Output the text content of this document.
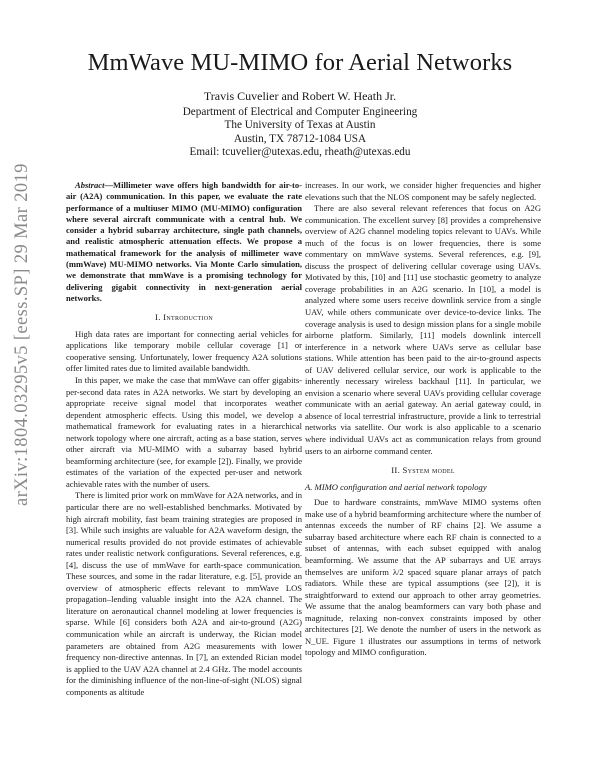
arXiv:1804.03295v5 [eess.SP] 29 Mar 2019
MmWave MU-MIMO for Aerial Networks
Travis Cuvelier and Robert W. Heath Jr.
Department of Electrical and Computer Engineering
The University of Texas at Austin
Austin, TX 78712-1084 USA
Email: tcuvelier@utexas.edu, rheath@utexas.edu

Abstract—Millimeter wave offers high bandwidth for air-to-air (A2A) communication. In this paper, we evaluate the rate performance of a multiuser MIMO (MU-MIMO) configuration where several aircraft communicate with a central hub. We consider a hybrid subarray architecture, single path channels, and realistic atmospheric attenuation effects. We propose a mathematical framework for the analysis of millimeter wave (mmWave) MU-MIMO networks. Via Monte Carlo simulation, we demonstrate that mmWave is a promising technology for delivering gigabit connectivity in next-generation aerial networks.

I. Introduction

High data rates are important for connecting aerial vehicles for applications like temporary mobile cellular coverage [1] or cooperative sensing. Unfortunately, lower frequency A2A solutions offer limited rates due to limited available bandwidth.

In this paper, we make the case that mmWave can offer gigabits-per-second data rates in A2A networks. We start by developing an appropriate receive signal model that incorporates weather dependent atmospheric effects. Using this model, we develop a mathematical framework for evaluating rates in a hierarchical network topology where one aircraft, acting as a base station, serves other aircraft via MU-MIMO with a subarray based hybrid beamforming architecture (see, for example [2]). Finally, we provide estimates of the variation of the expected per-user and network achievable rates with the number of users.

There is limited prior work on mmWave for A2A networks, and in particular there are no well-established benchmarks. Motivated by high aircraft mobility, fast beam training strategies are proposed in [3]. While such insights are valuable for A2A waveform design, the numerical results provided do not provide estimates of achievable rates under realistic network configurations. Several references, e.g. [4], discuss the use of mmWave for earth-space communication. These sources, and some in the radar literature, e.g. [5], provide an overview of atmospheric effects relevant to mmWave LOS propagation–lending valuable insight into the A2A channel. The literature on aeronautical channel modeling at lower frequencies is sparse. While [6] considers both A2A and air-to-ground (A2G) communication while an aircraft is underway, the Rician model parameters are obtained from A2G measurements with lower frequency non-directive antennas. In [7], an extended Rician model is applied to the UAV A2A channel at 2.4 GHz. The model accounts for the diminishing influence of the non-line-of-sight (NLOS) signal components as altitude

increases. In our work, we consider higher frequencies and higher elevations such that the NLOS component may be safely neglected.

There are also several relevant references that focus on A2G communication. The excellent survey [8] provides a comprehensive overview of A2G channel modeling topics relevant to UAVs. While much of the focus is on lower frequencies, there is some commentary on mmWave systems. Several references, e.g. [9], discuss the prospect of delivering cellular coverage using UAVs. Motivated by this, [10] and [11] use stochastic geometry to analyze coverage probabilities in an A2G scenario. In [10], a model is analyzed where some users receive downlink service from a single UAV, while others communicate over device-to-device links. The coverage analysis is used to design mission plans for a single mobile airborne platform. Similarly, [11] models downlink intercell interference in a network where UAVs serve as cellular base stations. While attention has been paid to the air-to-ground aspects of UAV delivered cellular service, our work is applicable to the inherently necessary wireless backhaul [11]. In particular, we envision a scenario where several UAVs providing cellular coverage communicate with an aerial gateway. An aerial gateway could, in absence of local terrestrial infrastructure, provide a link to terrestrial networks via satellite. Our work is also applicable to a scenario where individual UAVs act as communication relays from ground users to an airborne command center.

II. System model
A. MIMO configuration and aerial network topology

Due to hardware constraints, mmWave MIMO systems often make use of a hybrid beamforming architecture where the number of antennas exceeds the number of RF chains [2]. We assume a subarray based architecture where each RF chain is connected to a subset of antennas, with each subset equipped with analog beamforming. We assume that the AP subarrays and UE arrays themselves are uniform λ/2 spaced square planar arrays of patch radiators. While these are typical assumptions (see [2]), it is straightforward to extend our approach to other array geometries. We assume that the analog beamformers can vary both phase and magnitude, relaxing non-convex constraints imposed by other architectures [2]. We denote the number of users in the network as N_UE. Figure 1 illustrates our assumptions in terms of network topology and MIMO configuration.
